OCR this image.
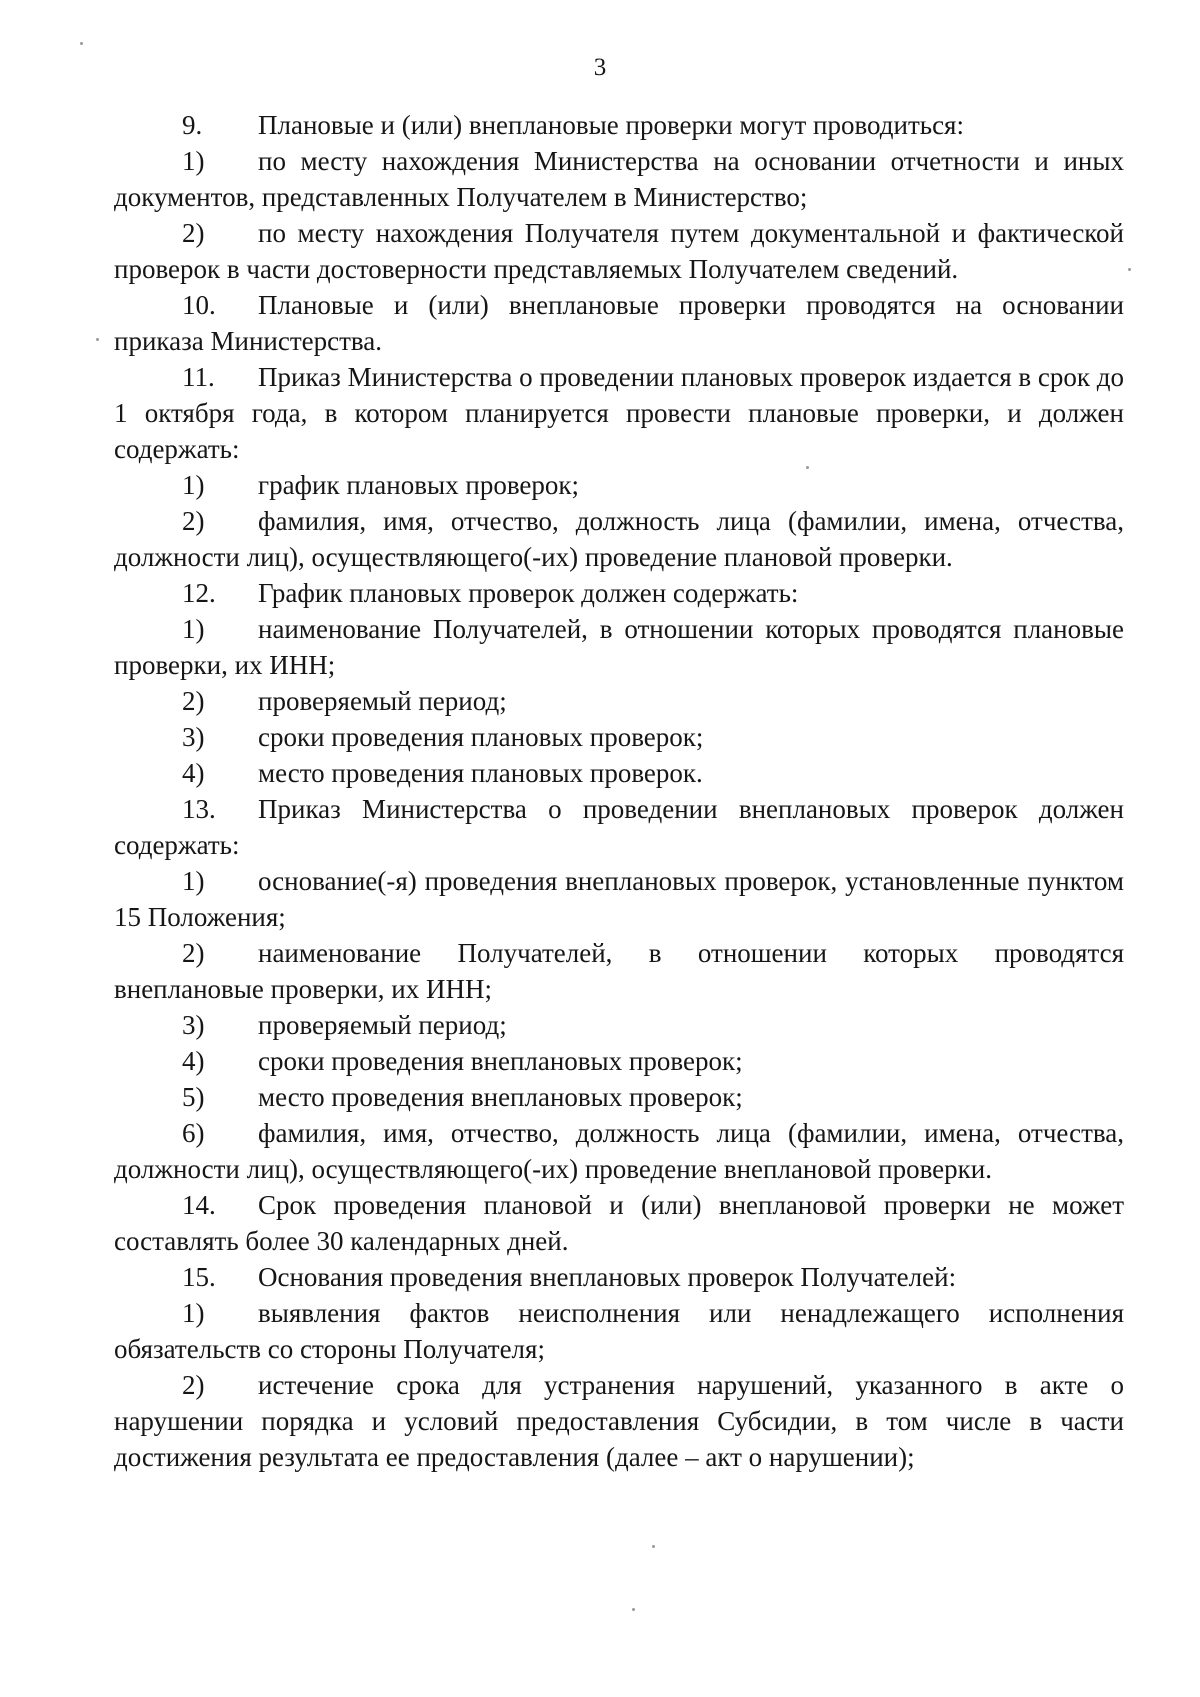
3

9. Плановые и (или) внеплановые проверки могут проводиться:

1) по месту нахождения Министерства на основании отчетности и иных документов, представленных Получателем в Министерство;

2) по месту нахождения Получателя путем документальной и фактической проверок в части достоверности представляемых Получателем сведений.

10. Плановые и (или) внеплановые проверки проводятся на основании приказа Министерства.

11. Приказ Министерства о проведении плановых проверок издается в срок до 1 октября года, в котором планируется провести плановые проверки, и должен содержать:

1) график плановых проверок;

2) фамилия, имя, отчество, должность лица (фамилии, имена, отчества, должности лиц), осуществляющего(-их) проведение плановой проверки.

12. График плановых проверок должен содержать:

1) наименование Получателей, в отношении которых проводятся плановые проверки, их ИНН;

2) проверяемый период;

3) сроки проведения плановых проверок;

4) место проведения плановых проверок.

13. Приказ Министерства о проведении внеплановых проверок должен содержать:

1) основание(-я) проведения внеплановых проверок, установленные пунктом 15 Положения;

2) наименование Получателей, в отношении которых проводятся внеплановые проверки, их ИНН;

3) проверяемый период;

4) сроки проведения внеплановых проверок;

5) место проведения внеплановых проверок;

6) фамилия, имя, отчество, должность лица (фамилии, имена, отчества, должности лиц), осуществляющего(-их) проведение внеплановой проверки.

14. Срок проведения плановой и (или) внеплановой проверки не может составлять более 30 календарных дней.

15. Основания проведения внеплановых проверок Получателей:

1) выявления фактов неисполнения или ненадлежащего исполнения обязательств со стороны Получателя;

2) истечение срока для устранения нарушений, указанного в акте о нарушении порядка и условий предоставления Субсидии, в том числе в части достижения результата ее предоставления (далее – акт о нарушении);
